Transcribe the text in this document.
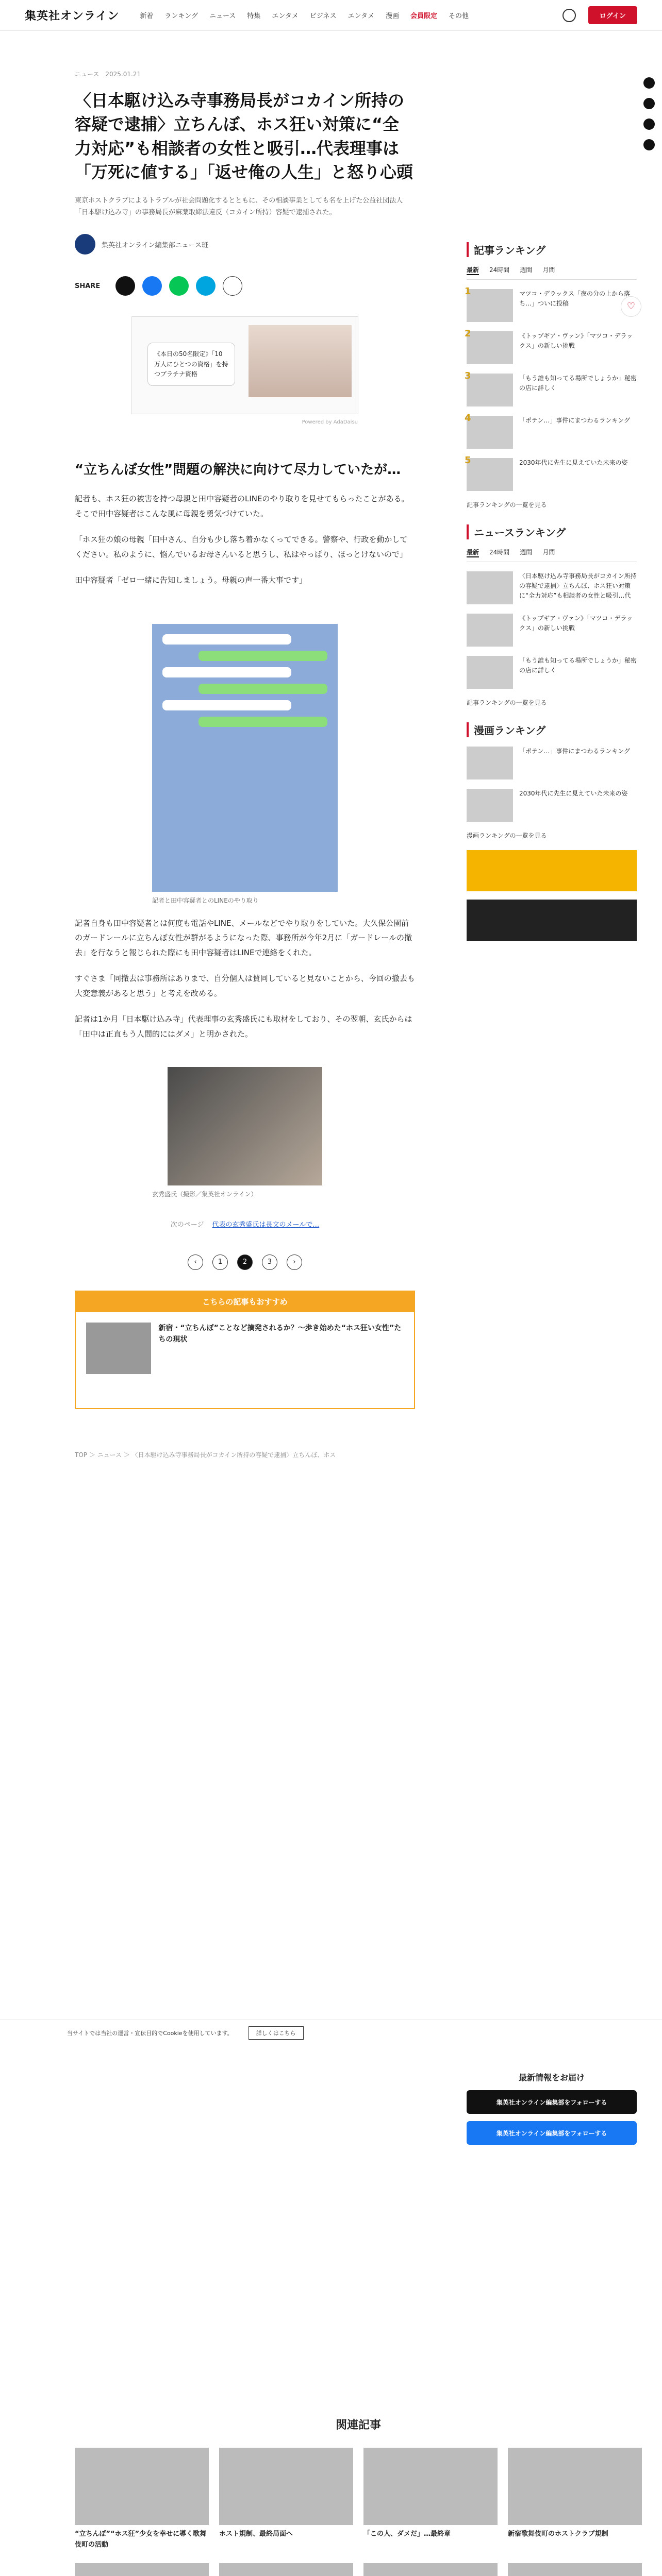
集英社オンライン	新着 ランキング ニュース 特集 エンタメ ビジネス エンタメ 漫画 会員限定 その他	ログイン
ニュース　2025.01.21
〈日本駆け込み寺事務局長がコカイン所持の容疑で逮捕〉立ちんぼ、ホス狂い対策に“全力対応”も相談者の女性と吸引…代表理事は「万死に値する」「返せ俺の人生」と怒り心頭

東京ホストクラブによるトラブルが社会問題化するとともに、その相談事業としても名を上げた公益社団法人「日本駆け込み寺」の事務局長が麻薬取締法違反（コカイン所持）容疑で逮捕された。

集英社オンライン編集部ニュース班
SHARE
《本日の50名限定》「10万人にひとつの資格」を持つプラチナ資格
Powered by AdaDaisu
“立ちんぼ女性”問題の解決に向けて尽力していたが…

記者も、ホス狂の被害を持つ母親と田中容疑者のLINEのやり取りを見せてもらったことがある。そこで田中容疑者はこんな風に母親を勇気づけていた。

「ホス狂の娘の母親「田中さん、自分も少し落ち着かなくってできる。警察や、行政を動かしてください。私のように、悩んでいるお母さんいると思うし、私はやっぱり、ほっとけないので」

田中容疑者「ゼロ一緒に告知しましょう。母親の声一番大事です」

記者と田中容疑者とのLINEのやり取り

記者自身も田中容疑者とは何度も電話やLINE、メールなどでやり取りをしていた。大久保公園前のガードレールに立ちんぼ女性が群がるようになった際、事務所が今年2月に「ガードレールの撤去」を行なうと報じられた際にも田中容疑者はLINEで連絡をくれた。

すぐさま「同撤去は事務所はありまで、自分個人は賛同していると見ないことから、今回の撤去も大変意義があると思う」と考えを改める。

記者は1か月「日本駆け込み寺」代表理事の玄秀盛氏にも取材をしており、その翌朝、玄氏からは「田中は正直もう人間的にはダメ」と明かされた。

玄秀盛氏（撮影／集英社オンライン）
次のページ 代表の玄秀盛氏は長文のメールで…
‹	1	2	3	›
こちらの記事もおすすめ
新宿・“立ちんぼ”ことなど摘発されるか？〜歩き始めた“ホス狂い女性”たちの現状
TOP ＞ ニュース ＞ 〈日本駆け込み寺事務局長がコカイン所持の容疑で逮捕〉立ちんぼ、ホス
♡
記事ランキング
最新 24時間 週間 月間
1	マツコ・デラックス「夜の分の上から落ち…」ついに投稿
2	《トップギア・ヴァン》「マツコ・デラックス」の新しい挑戦
3	「もう誰も知ってる場所でしょうか」秘密の店に詳しく
4	「ポテン…」事件にまつわるランキング
5	2030年代に先生に見えていた未来の姿
記事ランキングの一覧を見る
ニュースランキング
最新 24時間 週間 月間
〈日本駆け込み寺事務局長がコカイン所持の容疑で逮捕〉立ちんぼ、ホス狂い対策に“全力対応”も相談者の女性と吸引…代
《トップギア・ヴァン》「マツコ・デラックス」の新しい挑戦
「もう誰も知ってる場所でしょうか」秘密の店に詳しく
記事ランキングの一覧を見る
漫画ランキング
「ポテン…」事件にまつわるランキング
2030年代に先生に見えていた未来の姿
漫画ランキングの一覧を見る
当サイトでは当社の運営・宣伝目的でCookieを使用しています。	詳しくはこちら
最新情報をお届け
集英社オンライン編集部をフォローする
集英社オンライン編集部をフォローする
関連記事
“立ちんぼ”“ホス狂”少女を幸せに導く歌舞伎町の活動
ホスト規制、最終局面へ	「この人、ダメだ」…最終章	新宿歌舞伎町のホストクラブ規制
